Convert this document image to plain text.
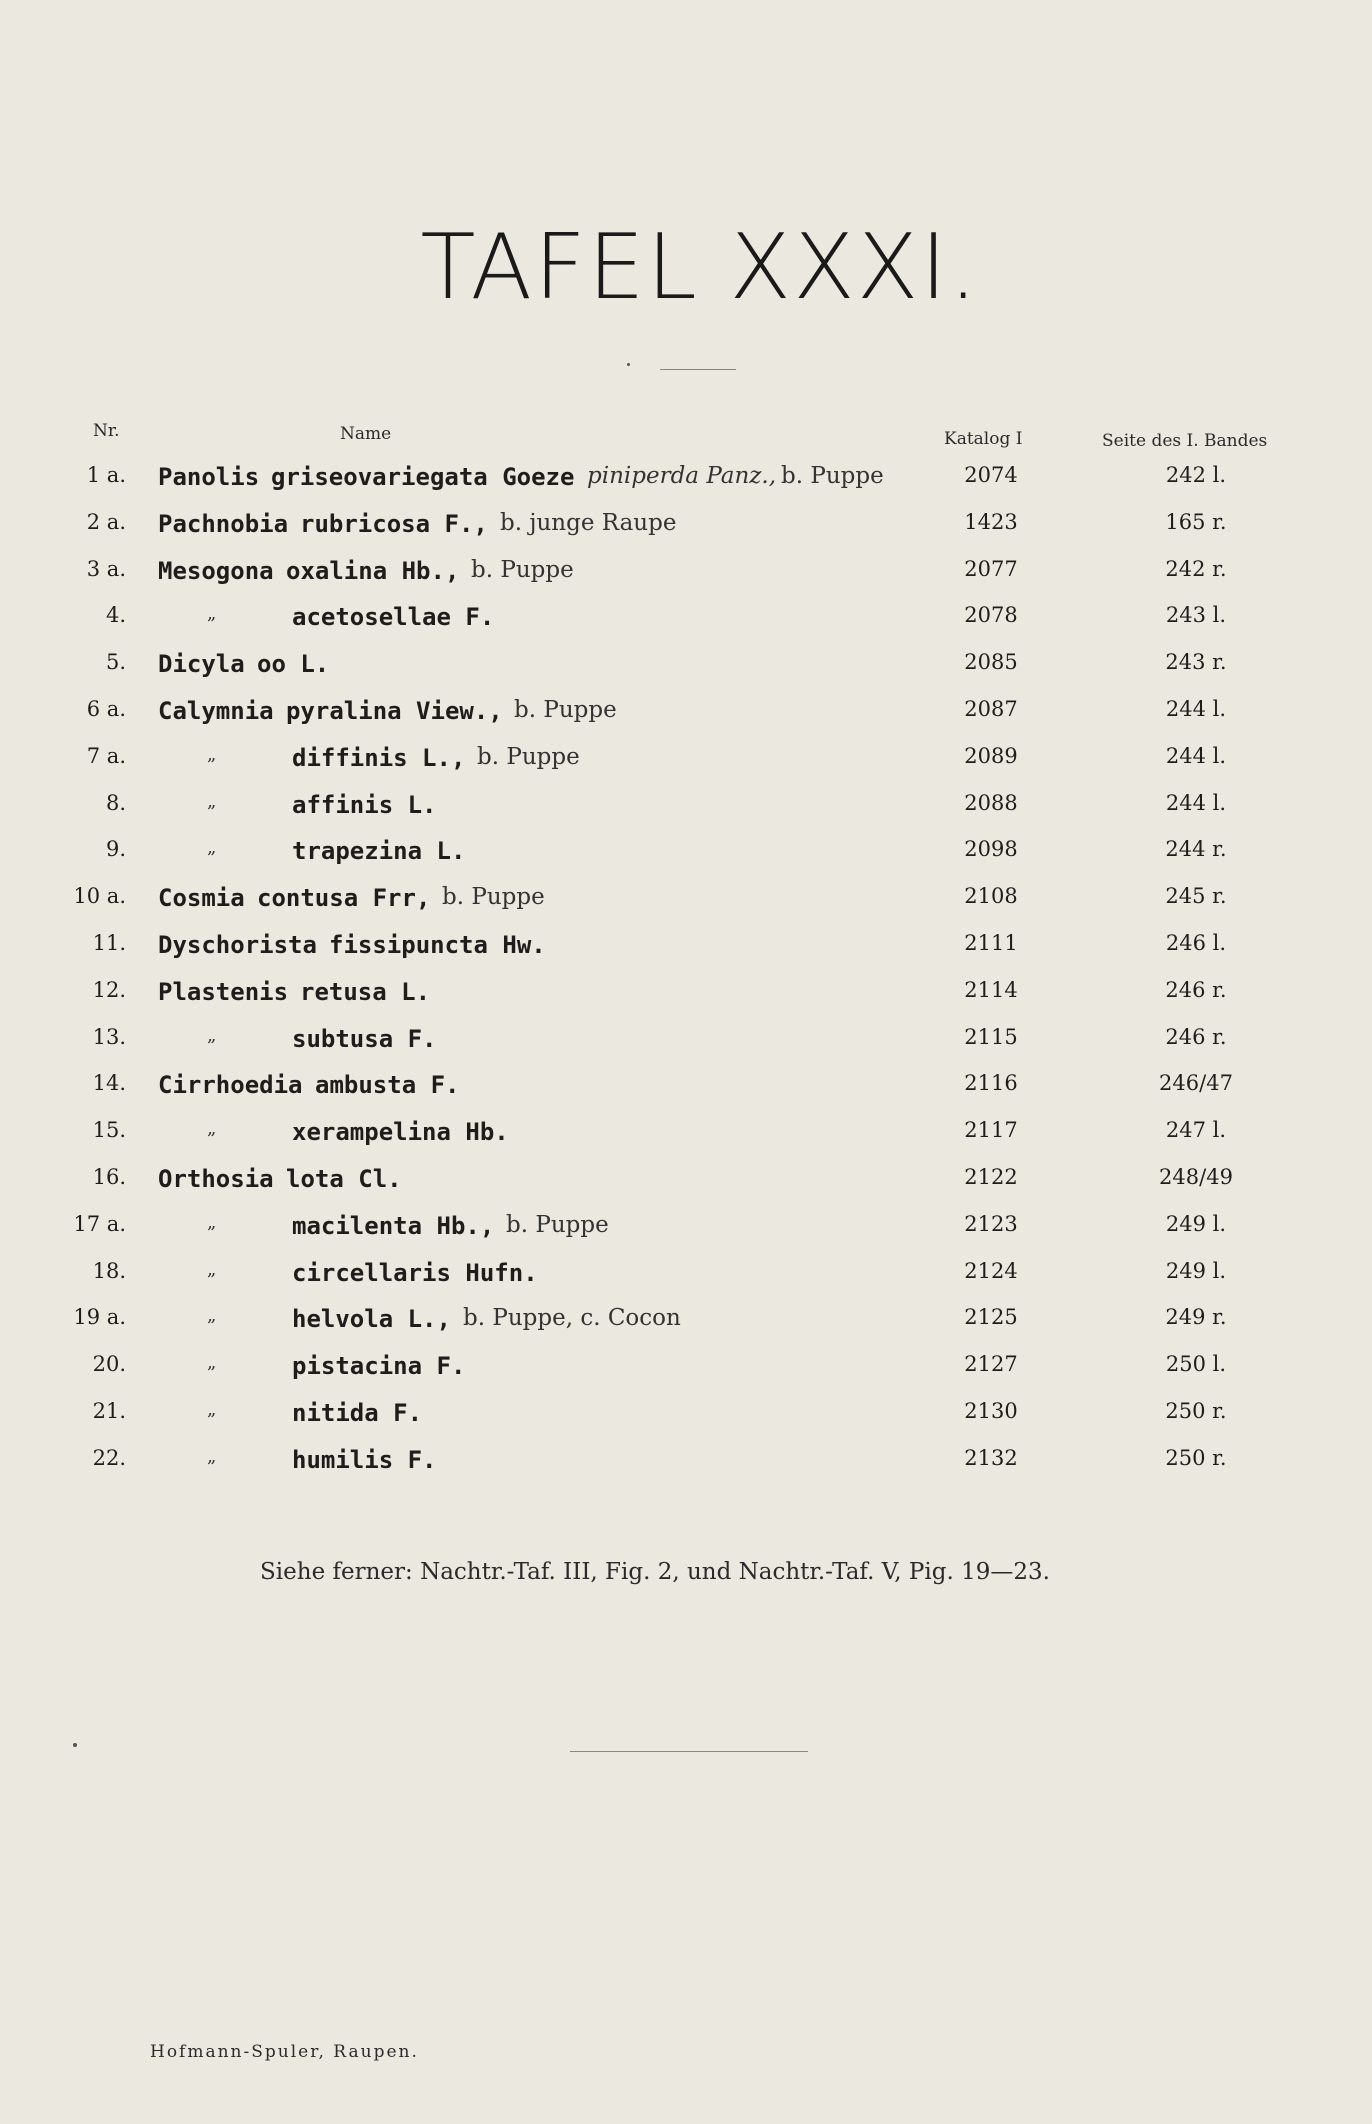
TAFEL XXXI.
Nr.	Name	Katalog I	Seite des I. Bandes
1 a. Panolis griseovariegata Goeze piniperda Panz., b. Puppe	2074	242 l.
2 a. Pachnobia rubricosa F., b. junge Raupe	1423	165 r.
3 a. Mesogona oxalina Hb., b. Puppe	2077	242 r.
4.	„	acetosellae F.	2078	243 l.
5. Dicyla oo L.	2085	243 r.
6 a. Calymnia pyralina View., b. Puppe	2087	244 l.
7 a.	„	diffinis L., b. Puppe	2089	244 l.
8.	„	affinis L.	2088	244 l.
9.	„	trapezina L.	2098	244 r.
10 a. Cosmia contusa Frr, b. Puppe	2108	245 r.
11. Dyschorista fissipuncta Hw.	2111	246 l.
12. Plastenis retusa L.	2114	246 r.
13.	„	subtusa F.	2115	246 r.
14. Cirrhoedia ambusta F.	2116	246/47
15.	„	xerampelina Hb.	2117	247 l.
16. Orthosia lota Cl.	2122	248/49
17 a.	„	macilenta Hb., b. Puppe	2123	249 l.
18.	„	circellaris Hufn.	2124	249 l.
19 a.	„	helvola L., b. Puppe, c. Cocon	2125	249 r.
20.	„	pistacina F.	2127	250 l.
21.	„	nitida F.	2130	250 r.
22.	„	humilis F.	2132	250 r.
Siehe ferner: Nachtr.-Taf. III, Fig. 2, und Nachtr.-Taf. V, Pig. 19—23.
Hofmann-Spuler, Raupen.
